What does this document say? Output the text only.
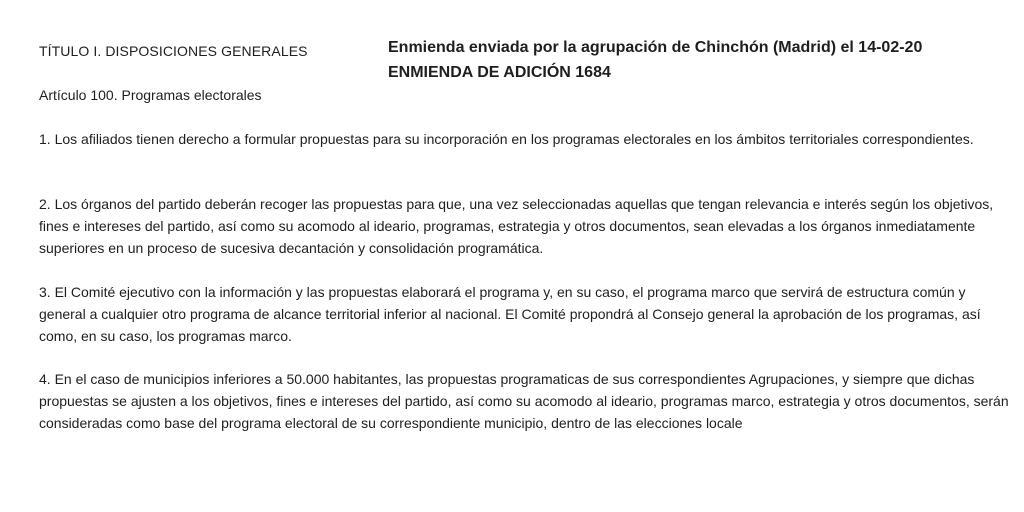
TÍTULO I. DISPOSICIONES GENERALES	Enmienda enviada por la agrupación de Chinchón (Madrid) el 14-02-20
ENMIENDA DE ADICIÓN 1684
Artículo 100. Programas electorales

1. Los afiliados tienen derecho a formular propuestas para su incorporación en los programas electorales en los ámbitos territoriales correspondientes.

2. Los órganos del partido deberán recoger las propuestas para que, una vez seleccionadas aquellas que tengan relevancia e interés según los objetivos, fines e intereses del partido, así como su acomodo al ideario, programas, estrategia y otros documentos, sean elevadas a los órganos inmediatamente superiores en un proceso de sucesiva decantación y consolidación programática.

3. El Comité ejecutivo con la información y las propuestas elaborará el programa y, en su caso, el programa marco que servirá de estructura común y general a cualquier otro programa de alcance territorial inferior al nacional. El Comité propondrá al Consejo general la aprobación de los programas, así como, en su caso, los programas marco.

4. En el caso de municipios inferiores a 50.000 habitantes, las propuestas programaticas de sus correspondientes Agrupaciones, y siempre que dichas propuestas se ajusten a los objetivos, fines e intereses del partido, así como su acomodo al ideario, programas marco, estrategia y otros documentos, serán consideradas como base del programa electoral de su correspondiente municipio, dentro de las elecciones locale
